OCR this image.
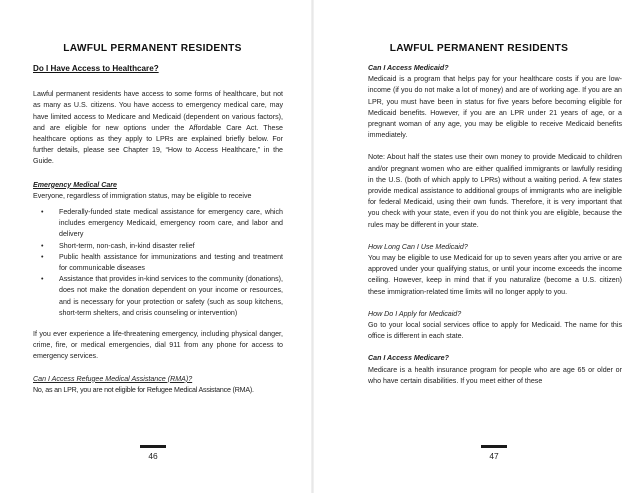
LAWFUL PERMANENT RESIDENTS
Do I Have Access to Healthcare?

Lawful permanent residents have access to some forms of healthcare, but not as many as U.S. citizens. You have access to emergency medical care, may have limited access to Medicare and Medicaid (dependent on various factors), and are eligible for new options under the Affordable Care Act. These healthcare options as they apply to LPRs are explained briefly below. For further details, please see Chapter 19, “How to Access Healthcare,” in the Guide.

Emergency Medical Care
Everyone, regardless of immigration status, may be eligible to receive
• Federally-funded state medical assistance for emergency care, which includes emergency Medicaid, emergency room care, and labor and delivery
• Short-term, non-cash, in-kind disaster relief
• Public health assistance for immunizations and testing and treatment for communicable diseases
• Assistance that provides in-kind services to the community (donations), does not make the donation dependent on your income or resources, and is necessary for your protection or safety (such as soup kitchens, short-term shelters, and crisis counseling or intervention)

If you ever experience a life-threatening emergency, including physical danger, crime, fire, or medical emergencies, dial 911 from any phone for access to emergency services.

Can I Access Refugee Medical Assistance (RMA)?
No, as an LPR, you are not eligible for Refugee Medical Assistance (RMA).
46
LAWFUL PERMANENT RESIDENTS
Can I Access Medicaid?

Medicaid is a program that helps pay for your healthcare costs if you are low-income (if you do not make a lot of money) and are of working age. If you are an LPR, you must have been in status for five years before becoming eligible for Medicaid benefits. However, if you are an LPR under 21 years of age, or a pregnant woman of any age, you may be eligible to receive Medicaid benefits immediately.

Note: About half the states use their own money to provide Medicaid to children and/or pregnant women who are either qualified immigrants or lawfully residing in the U.S. (both of which apply to LPRs) without a waiting period. A few states provide medical assistance to additional groups of immigrants who are ineligible for federal Medicaid, using their own funds. Therefore, it is very important that you check with your state, even if you do not think you are eligible, because the rules may be different in your state.

How Long Can I Use Medicaid?

You may be eligible to use Medicaid for up to seven years after you arrive or are approved under your qualifying status, or until your income exceeds the income ceiling. However, keep in mind that if you naturalize (become a U.S. citizen) these immigration-related time limits will no longer apply to you.

How Do I Apply for Medicaid?

Go to your local social services office to apply for Medicaid. The name for this office is different in each state.

Can I Access Medicare?

Medicare is a health insurance program for people who are age 65 or older or who have certain disabilities. If you meet either of these

47
